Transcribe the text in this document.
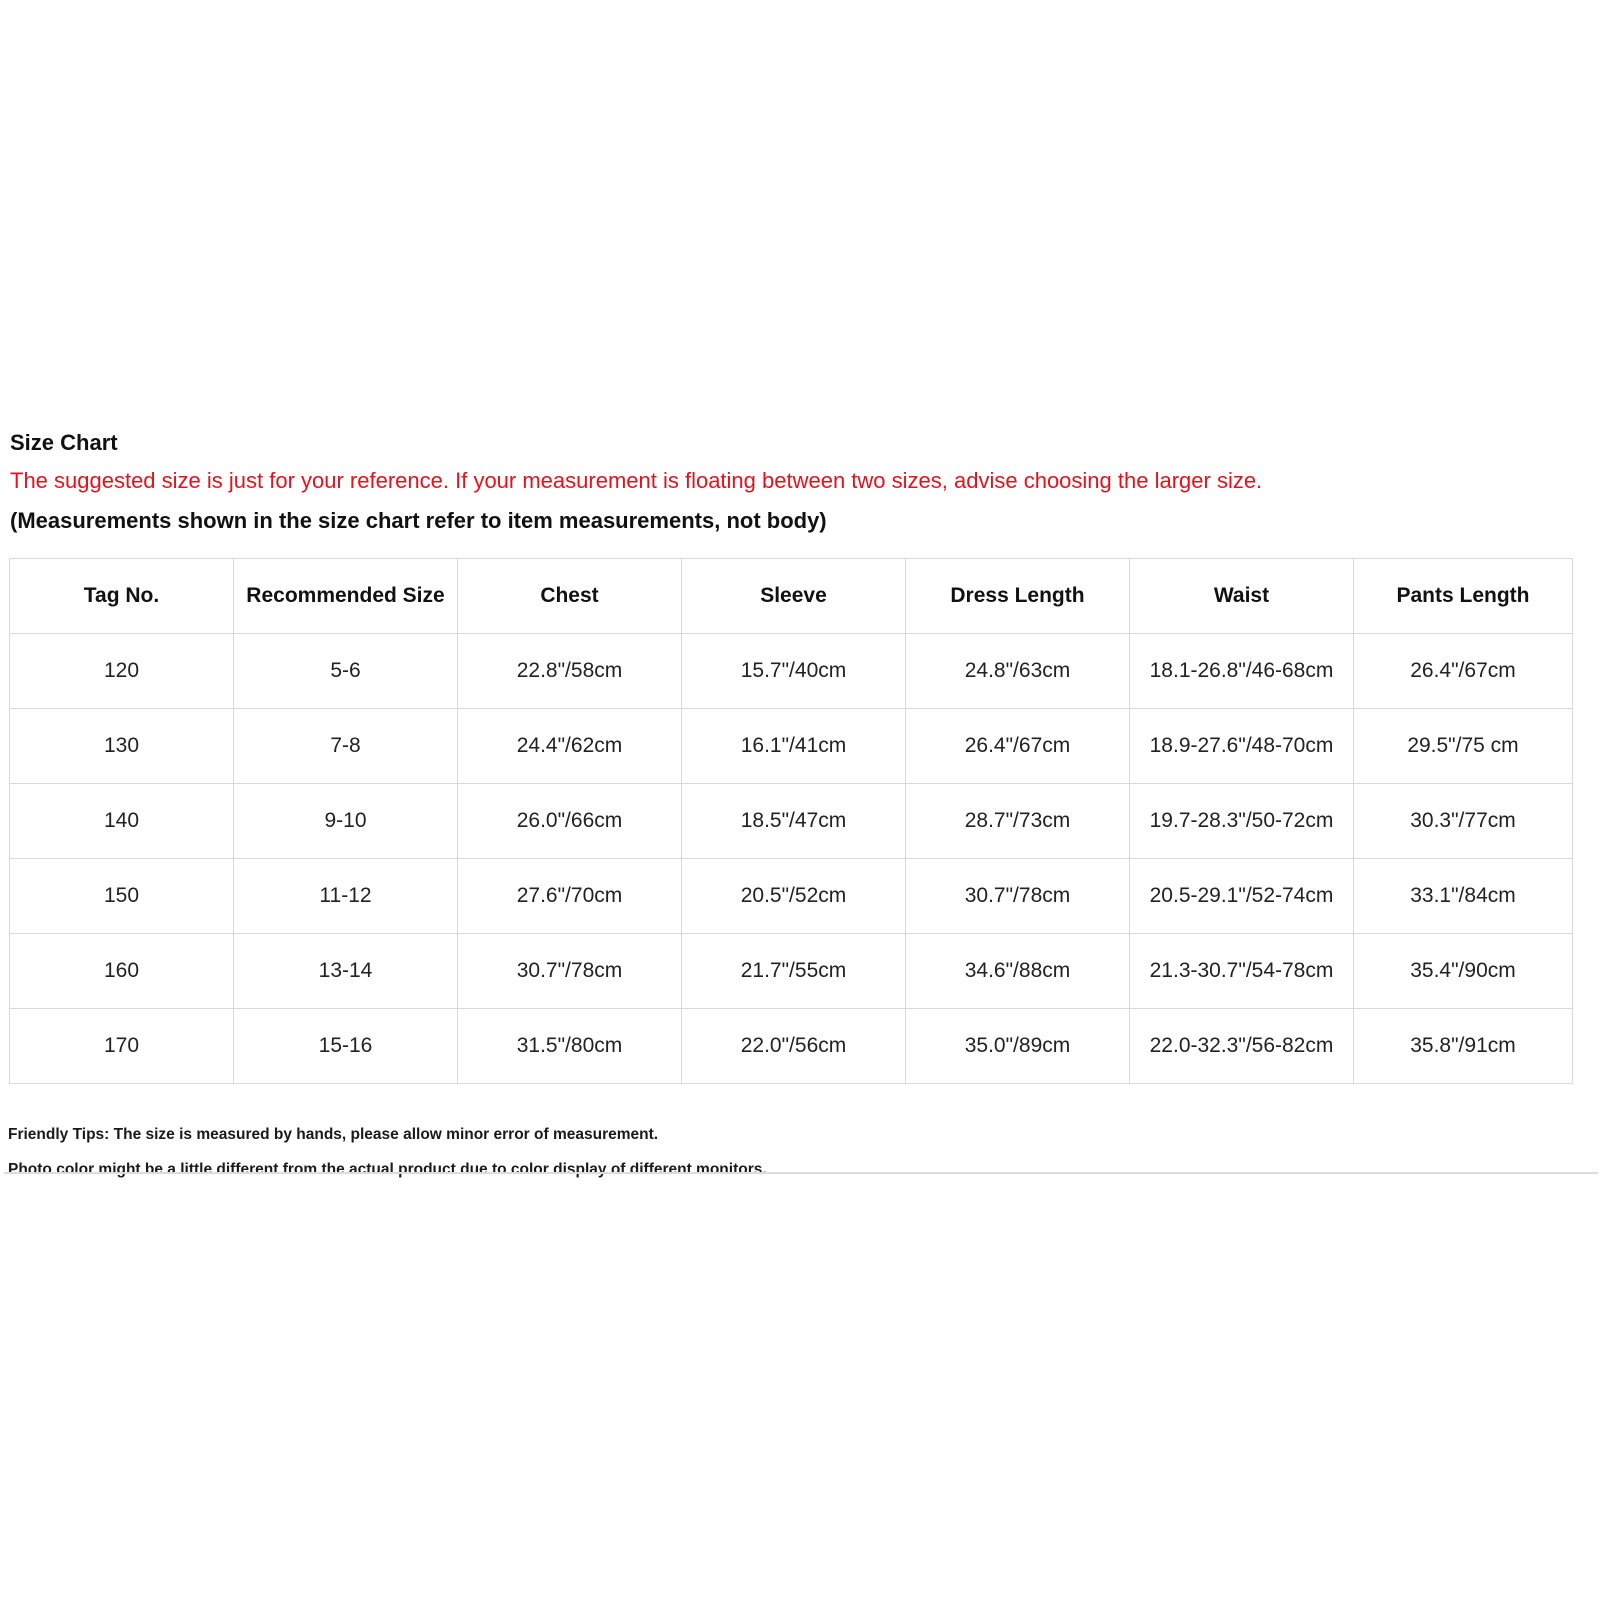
Size Chart
The suggested size is just for your reference. If your measurement is floating between two sizes, advise choosing the larger size.
(Measurements shown in the size chart refer to item measurements, not body)
Tag No.	Recommended Size	Chest	Sleeve	Dress Length	Waist	Pants Length
120	5-6	22.8"/58cm	15.7"/40cm	24.8"/63cm	18.1-26.8"/46-68cm	26.4"/67cm
130	7-8	24.4"/62cm	16.1"/41cm	26.4"/67cm	18.9-27.6"/48-70cm	29.5"/75 cm
140	9-10	26.0"/66cm	18.5"/47cm	28.7"/73cm	19.7-28.3"/50-72cm	30.3"/77cm
150	11-12	27.6"/70cm	20.5"/52cm	30.7"/78cm	20.5-29.1"/52-74cm	33.1"/84cm
160	13-14	30.7"/78cm	21.7"/55cm	34.6"/88cm	21.3-30.7"/54-78cm	35.4"/90cm
170	15-16	31.5"/80cm	22.0"/56cm	35.0"/89cm	22.0-32.3"/56-82cm	35.8"/91cm
Friendly Tips: The size is measured by hands, please allow minor error of measurement.
Photo color might be a little different from the actual product due to color display of different monitors.
